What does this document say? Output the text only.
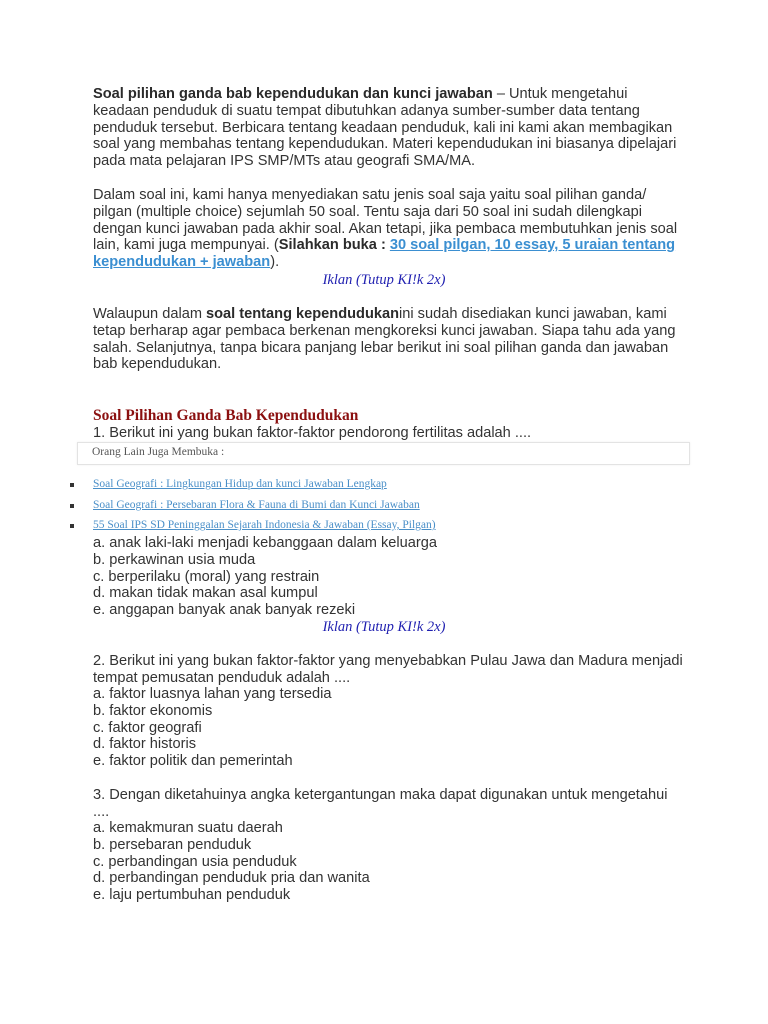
Soal pilihan ganda bab kependudukan dan kunci jawaban – Untuk mengetahui keadaan penduduk di suatu tempat dibutuhkan adanya sumber-sumber data tentang penduduk tersebut. Berbicara tentang keadaan penduduk, kali ini kami akan membagikan soal yang membahas tentang kependudukan. Materi kependudukan ini biasanya dipelajari pada mata pelajaran IPS SMP/MTs atau geografi SMA/MA.
Dalam soal ini, kami hanya menyediakan satu jenis soal saja yaitu soal pilihan ganda/ pilgan (multiple choice) sejumlah 50 soal. Tentu saja dari 50 soal ini sudah dilengkapi dengan kunci jawaban pada akhir soal. Akan tetapi, jika pembaca membutuhkan jenis soal lain, kami juga mempunyai. (Silahkan buka : 30 soal pilgan, 10 essay, 5 uraian tentang kependudukan + jawaban).
Iklan (Tutup KI!k 2x)
Walaupun dalam soal tentang kependudukanini sudah disediakan kunci jawaban, kami tetap berharap agar pembaca berkenan mengkoreksi kunci jawaban. Siapa tahu ada yang salah. Selanjutnya, tanpa bicara panjang lebar berikut ini soal pilihan ganda dan jawaban bab kependudukan.
Soal Pilihan Ganda Bab Kependudukan
1. Berikut ini yang bukan faktor-faktor pendorong fertilitas adalah ....
Orang Lain Juga Membuka :
Soal Geografi : Lingkungan Hidup dan kunci Jawaban Lengkap
Soal Geografi : Persebaran Flora & Fauna di Bumi dan Kunci Jawaban
55 Soal IPS SD Peninggalan Sejarah Indonesia & Jawaban (Essay, Pilgan)
a. anak laki-laki menjadi kebanggaan dalam keluarga
b. perkawinan usia muda
c. berperilaku (moral) yang restrain
d. makan tidak makan asal kumpul
e. anggapan banyak anak banyak rezeki
Iklan (Tutup KI!k 2x)
2. Berikut ini yang bukan faktor-faktor yang menyebabkan Pulau Jawa dan Madura menjadi tempat pemusatan penduduk adalah ....
a. faktor luasnya lahan yang tersedia
b. faktor ekonomis
c. faktor geografi
d. faktor historis
e. faktor politik dan pemerintah
3. Dengan diketahuinya angka ketergantungan maka dapat digunakan untuk mengetahui ....
a. kemakmuran suatu daerah
b. persebaran penduduk
c. perbandingan usia penduduk
d. perbandingan penduduk pria dan wanita
e. laju pertumbuhan penduduk
